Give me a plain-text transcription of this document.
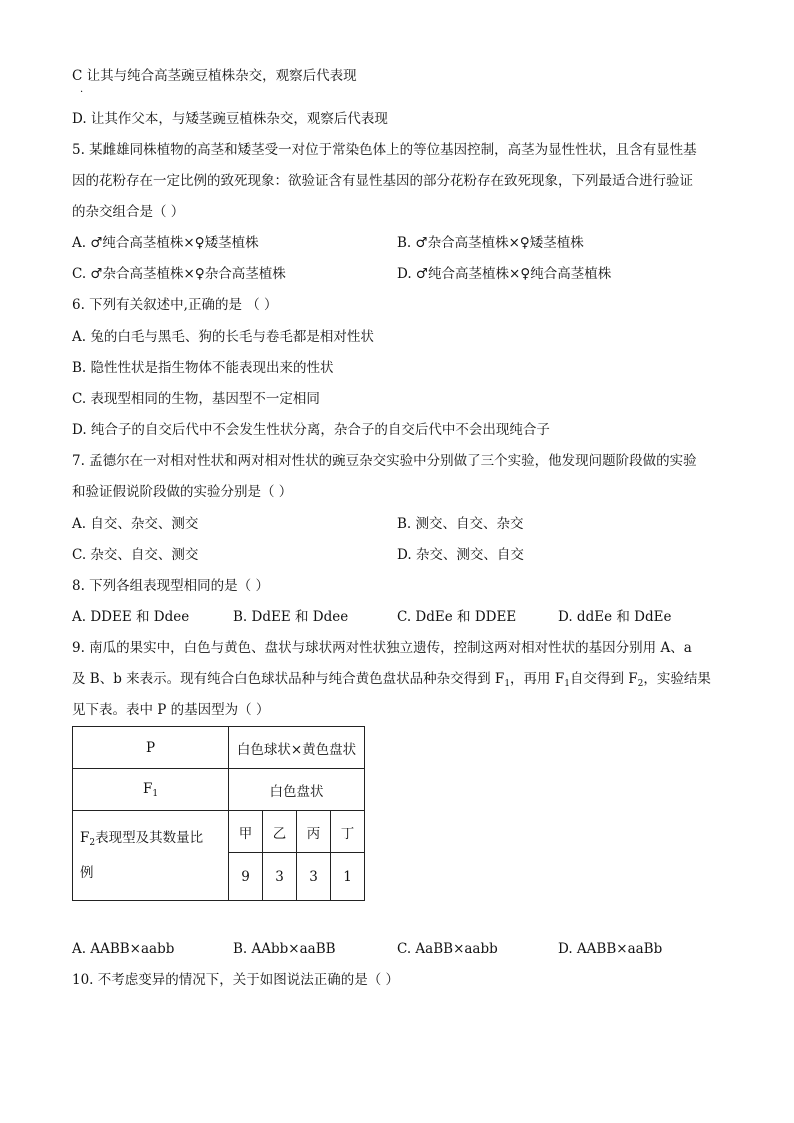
C 让其与纯合高茎豌豆植株杂交，观察后代表现
·
D. 让其作父本，与矮茎豌豆植株杂交，观察后代表现
5. 某雌雄同株植物的高茎和矮茎受一对位于常染色体上的等位基因控制，高茎为显性性状，且含有显性基
因的花粉存在一定比例的致死现象：欲验证含有显性基因的部分花粉存在致死现象，下列最适合进行验证
的杂交组合是（ ）
A. ♂纯合高茎植株×♀矮茎植株	B. ♂杂合高茎植株×♀矮茎植株
C. ♂杂合高茎植株×♀杂合高茎植株	D. ♂纯合高茎植株×♀纯合高茎植株
6. 下列有关叙述中,正确的是 （ ）
A. 兔的白毛与黑毛、狗的长毛与卷毛都是相对性状
B. 隐性性状是指生物体不能表现出来的性状
C. 表现型相同的生物，基因型不一定相同
D. 纯合子的自交后代中不会发生性状分离，杂合子的自交后代中不会出现纯合子
7. 孟德尔在一对相对性状和两对相对性状的豌豆杂交实验中分别做了三个实验，他发现问题阶段做的实验
和验证假说阶段做的实验分别是（ ）
A. 自交、杂交、测交	B. 测交、自交、杂交
C. 杂交、自交、测交	D. 杂交、测交、自交
8. 下列各组表现型相同的是（ ）
A. DDEE 和 Ddee	B. DdEE 和 Ddee	C. DdEe 和 DDEE	D. ddEe 和 DdEe
9. 南瓜的果实中，白色与黄色、盘状与球状两对性状独立遗传，控制这两对相对性状的基因分别用 A、a
及 B、b 来表示。现有纯合白色球状品种与纯合黄色盘状品种杂交得到 $F_1$，再用 $F_1$自交得到 $F_2$，实验结果
见下表。表中 P 的基因型为（ ）
P	白色球状×黄色盘状			
$F_1$	白色盘状			
$F_2$表现型及其数量比
例	甲	乙	丙	丁
	9	3	3	1
A. AABB×aabb	B. AAbb×aaBB	C. AaBB×aabb	D. AABB×aaBb
10. 不考虑变异的情况下，关于如图说法正确的是（ ）
